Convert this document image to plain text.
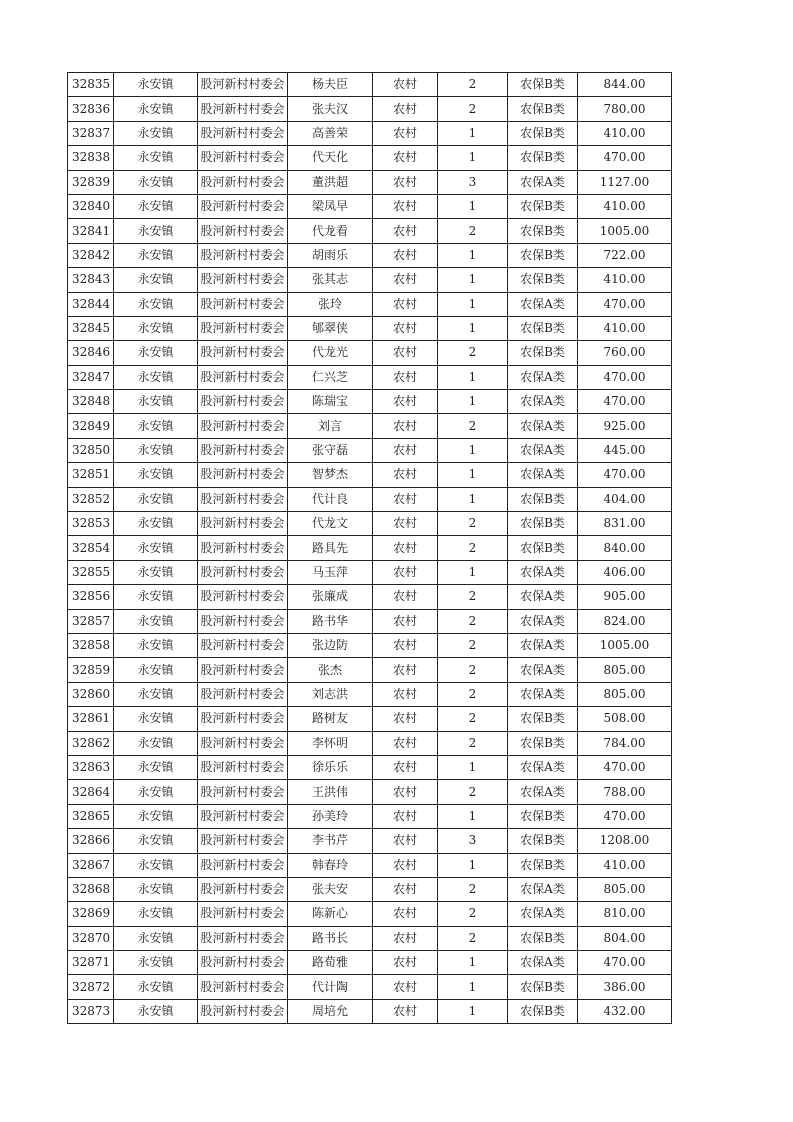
32835	永安镇	股河新村村委会	杨夫臣	农村	2	农保B类	844.00
32836	永安镇	股河新村村委会	张夫汉	农村	2	农保B类	780.00
32837	永安镇	股河新村村委会	高善荣	农村	1	农保B类	410.00
32838	永安镇	股河新村村委会	代天化	农村	1	农保B类	470.00
32839	永安镇	股河新村村委会	董洪超	农村	3	农保A类	1127.00
32840	永安镇	股河新村村委会	梁凤早	农村	1	农保B类	410.00
32841	永安镇	股河新村村委会	代龙看	农村	2	农保B类	1005.00
32842	永安镇	股河新村村委会	胡雨乐	农村	1	农保B类	722.00
32843	永安镇	股河新村村委会	张其志	农村	1	农保B类	410.00
32844	永安镇	股河新村村委会	张玲	农村	1	农保A类	470.00
32845	永安镇	股河新村村委会	郇翠侠	农村	1	农保B类	410.00
32846	永安镇	股河新村村委会	代龙光	农村	2	农保B类	760.00
32847	永安镇	股河新村村委会	仁兴芝	农村	1	农保A类	470.00
32848	永安镇	股河新村村委会	陈瑞宝	农村	1	农保A类	470.00
32849	永安镇	股河新村村委会	刘言	农村	2	农保A类	925.00
32850	永安镇	股河新村村委会	张守磊	农村	1	农保A类	445.00
32851	永安镇	股河新村村委会	智梦杰	农村	1	农保A类	470.00
32852	永安镇	股河新村村委会	代计良	农村	1	农保B类	404.00
32853	永安镇	股河新村村委会	代龙文	农村	2	农保B类	831.00
32854	永安镇	股河新村村委会	路具先	农村	2	农保B类	840.00
32855	永安镇	股河新村村委会	马玉萍	农村	1	农保A类	406.00
32856	永安镇	股河新村村委会	张廉成	农村	2	农保A类	905.00
32857	永安镇	股河新村村委会	路书华	农村	2	农保A类	824.00
32858	永安镇	股河新村村委会	张边防	农村	2	农保A类	1005.00
32859	永安镇	股河新村村委会	张杰	农村	2	农保A类	805.00
32860	永安镇	股河新村村委会	刘志洪	农村	2	农保A类	805.00
32861	永安镇	股河新村村委会	路树友	农村	2	农保B类	508.00
32862	永安镇	股河新村村委会	李怀明	农村	2	农保B类	784.00
32863	永安镇	股河新村村委会	徐乐乐	农村	1	农保A类	470.00
32864	永安镇	股河新村村委会	王洪伟	农村	2	农保A类	788.00
32865	永安镇	股河新村村委会	孙美玲	农村	1	农保B类	470.00
32866	永安镇	股河新村村委会	李书芹	农村	3	农保B类	1208.00
32867	永安镇	股河新村村委会	韩春玲	农村	1	农保B类	410.00
32868	永安镇	股河新村村委会	张夫安	农村	2	农保A类	805.00
32869	永安镇	股河新村村委会	陈新心	农村	2	农保A类	810.00
32870	永安镇	股河新村村委会	路书长	农村	2	农保B类	804.00
32871	永安镇	股河新村村委会	路荀雅	农村	1	农保A类	470.00
32872	永安镇	股河新村村委会	代计陶	农村	1	农保B类	386.00
32873	永安镇	股河新村村委会	周培允	农村	1	农保B类	432.00
